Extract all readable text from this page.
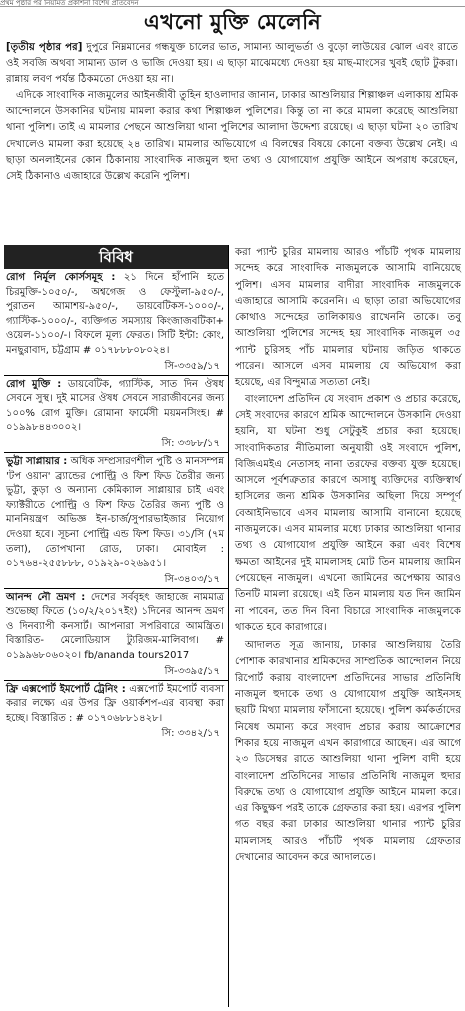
প্রথম পৃষ্ঠার পর নিয়মিত প্রকাশনা বিশেষ প্রতিবেদন
এখনো মুক্তি মেলেনি

[তৃতীয় পৃষ্ঠার পর] দুপুরে নিম্নমানের গন্ধযুক্ত চালের ভাত, সামান্য আলুভর্তা ও বুড়ো লাউয়ের ঝোল এবং রাতে ওই সবজি অথবা সামান্য ডাল ও ভাজি দেওয়া হয়। এ ছাড়া মাঝেমধ্যে দেওয়া হয় মাছ-মাংসের খুবই ছোট টুকরা। রান্নায় লবণ পর্যন্ত ঠিকমতো দেওয়া হয় না।

এদিকে সাংবাদিক নাজমুলের আইনজীবী তুহিন হাওলাদার জানান, ঢাকার আশুলিয়ার শিল্পাঞ্চল এলাকায় শ্রমিক আন্দোলনে উসকানির ঘটনায় মামলা করার কথা শিল্পাঞ্চল পুলিশের। কিন্তু তা না করে মামলা করেছে আশুলিয়া থানা পুলিশ। তাই এ মামলার পেছনে আশুলিয়া থানা পুলিশের আলাদা উদ্দেশ্য রয়েছে। এ ছাড়া ঘটনা ২০ তারিখ দেখালেও মামলা করা হয়েছে ২৪ তারিখ। মামলার অভিযোগে এ বিলম্বের বিষয়ে কোনো বক্তব্য উল্লেখ নেই। এ ছাড়া অনলাইনের কোন ঠিকানায় সাংবাদিক নাজমুল হুদা তথ্য ও যোগাযোগ প্রযুক্তি আইনে অপরাধ করেছেন, সেই ঠিকানাও এজাহারে উল্লেখ করেনি পুলিশ।

বিবিধ

রোগ নির্মূল কোর্সসমূহ : ২১ দিনে হাঁপানি হতে চিরমুক্তি-১০৫০/-, অশ্বগেজ ও ফেস্টুলা-৯৫০/-, পুরাতন আমাশয়-৯৫০/-, ডায়বেটিকস-১০০০/-, গ্যাস্টিক-১০০০/-, ব্যক্তিগত সমস্যায় কিংজাজবটিকা+ ওয়েল-১১০০/-। বিফলে মূল্য ফেরত। সিটি ইন্টা: কোং, মনছুরাবাদ, চট্টগ্রাম # ০১৭৮৮৮০৮০২৪।

সি-৩৩৫৯/১৭

রোগ মুক্তি : ডায়বেটিক, গ্যাস্টিক, সাত দিন ঔষধ সেবনে সুস্থ। দুই মাসের ঔষধ সেবনে সারাজীবনের জন্য ১০০% রোগ মুক্তি। রোমানা ফার্মেসী ময়মনসিংহ। # ০১৯৯৮৪৪৩০০২।

সি: ৩৩৮৮/১৭

ভুট্টা সাপ্লায়ার : অধিক সম্প্রসারণশীল পুষ্টি ও মানসম্পন্ন 'টপ ওয়ান' ব্র্যান্ডের পোল্ট্রি ও ফিশ ফিড তৈরীর জন্য ভুট্টা, কুড়া ও অন্যান্য কেমিক্যাল সাপ্লায়ার চাই এবং ফ্যাক্টরীতে পোল্ট্রি ও ফিশ ফিড তৈরির জন্য পুষ্টি ও মাননিয়ন্ত্রণ অভিজ্ঞ ইন-চার্জ/সুপারভাইজার নিয়োগ দেওয়া হবে। সূচনা পোল্ট্রি এন্ড ফিশ ফিড। ৩১/সি (৭ম তলা), তোপখানা রোড, ঢাকা। মোবাইল : ০১৭৬৪-২৫৫৮৮৮, ০১৯২৯-০২৬৯৫১।

সি-৩৪০৩/১৭

আনন্দ নৌ ভ্রমণ : দেশের সর্ববৃহৎ জাহাজে নামমাত্র শুভেচ্ছা ফিতে (১০/২/২০১৭ইং) ১দিনের আনন্দ ভ্রমণ ও দিনব্যাপী কনসার্ট। আপনারা সপরিবারে আমন্ত্রিত। বিস্তারিত- মেলোডিয়াস ট্যুরিজম-মালিবাগ। # ০১৯৯৬৮০৬০২০। fb/ananda tours2017

সি-৩৩৯৫/১৭

ফ্রি এক্সপোর্ট ইমপোর্ট ট্রেনিং : এক্সপোর্ট ইমপোর্ট ব্যবসা করার লক্ষ্যে এর উপর ফ্রি ওয়ার্কশপ-এর ব্যবস্থা করা হচ্ছে। বিস্তারিত : # ০১৭০৬৮৮১৪২৮।

সি: ৩৩৪২/১৭

করা প্যান্ট চুরির মামলায় আরও পাঁচটি পৃথক মামলায় সন্দেহ করে সাংবাদিক নাজমুলকে আসামি বানিয়েছে পুলিশ। এসব মামলার বাদীরা সাংবাদিক নাজমুলকে এজাহারে আসামি করেননি। এ ছাড়া তারা অভিযোগের কোথাও সন্দেহের তালিকায়ও রাখেননি তাকে। তবু আশুলিয়া পুলিশের সন্দেহ হয় সাংবাদিক নাজমুল ৩৫ প্যান্ট চুরিসহ পাঁচ মামলার ঘটনায় জড়িত থাকতে পারেন। আসলে এসব মামলায় যে অভিযোগ করা হয়েছে, এর বিন্দুমাত্র সত্যতা নেই।

বাংলাদেশ প্রতিদিন যে সংবাদ প্রকাশ ও প্রচার করেছে, সেই সংবাদের কারণে শ্রমিক আন্দোলনে উসকানি দেওয়া হয়নি, যা ঘটনা শুধু সেটুকুই প্রচার করা হয়েছে। সাংবাদিকতার নীতিমালা অনুযায়ী ওই সংবাদে পুলিশ, বিজিএমইএ নেতাসহ নানা তরফের বক্তব্য যুক্ত হয়েছে। আসলে পূর্বশত্রুতার কারণে অসাধু ব্যক্তিদের ব্যক্তিস্বার্থ হাসিলের জন্য শ্রমিক উসকানির অছিলা দিয়ে সম্পূর্ণ বেআইনিভাবে এসব মামলায় আসামি বানানো হয়েছে নাজমুলকে। এসব মামলার মধ্যে ঢাকার আশুলিয়া থানার তথ্য ও যোগাযোগ প্রযুক্তি আইনে করা এবং বিশেষ ক্ষমতা আইনের দুই মামলাসহ মোট তিন মামলায় জামিন পেয়েছেন নাজমুল। এখনো জামিনের অপেক্ষায় আরও তিনটি মামলা রয়েছে। এই তিন মামলায় যত দিন জামিন না পাবেন, তত দিন বিনা বিচারে সাংবাদিক নাজমুলকে থাকতে হবে কারাগারে।

আদালত সূত্র জানায়, ঢাকার আশুলিয়ায় তৈরি পোশাক কারখানার শ্রমিকদের সাম্প্রতিক আন্দোলন নিয়ে রিপোর্ট করায় বাংলাদেশ প্রতিদিনের সাভার প্রতিনিধি নাজমুল হুদাকে তথ্য ও যোগাযোগ প্রযুক্তি আইনসহ ছয়টি মিথ্যা মামলায় ফাঁসানো হয়েছে। পুলিশ কর্মকর্তাদের নিষেধ অমান্য করে সংবাদ প্রচার করায় আক্রোশের শিকার হয়ে নাজমুল এখন কারাগারে আছেন। এর আগে ২৩ ডিসেম্বর রাতে আশুলিয়া থানা পুলিশ বাদী হয়ে বাংলাদেশ প্রতিদিনের সাভার প্রতিনিধি নাজমুল হুদার বিরুদ্ধে তথ্য ও যোগাযোগ প্রযুক্তি আইনে মামলা করে। এর কিছুক্ষণ পরই তাকে গ্রেফতার করা হয়। এরপর পুলিশ গত বছর করা ঢাকার আশুলিয়া থানার প্যান্ট চুরির মামলাসহ আরও পাঁচটি পৃথক মামলায় গ্রেফতার দেখানোর আবেদন করে আদালতে।
